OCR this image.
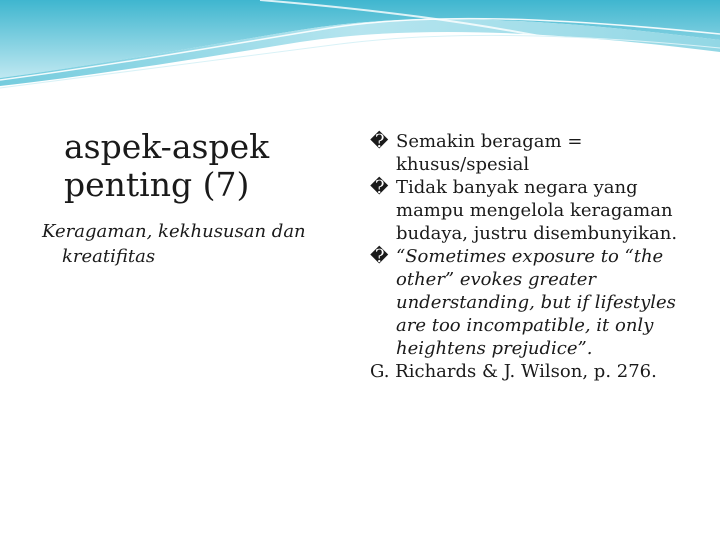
aspek-aspek penting (7)
Keragaman, kekhususan dan kreatifitas

� Semakin beragam = khusus/spesial

� Tidak banyak negara yang mampu mengelola keragaman budaya, justru disembunyikan.

� “Sometimes exposure to “the other” evokes greater understanding, but if lifestyles are too incompatible, it only heightens prejudice”.

G. Richards & J. Wilson, p. 276.
